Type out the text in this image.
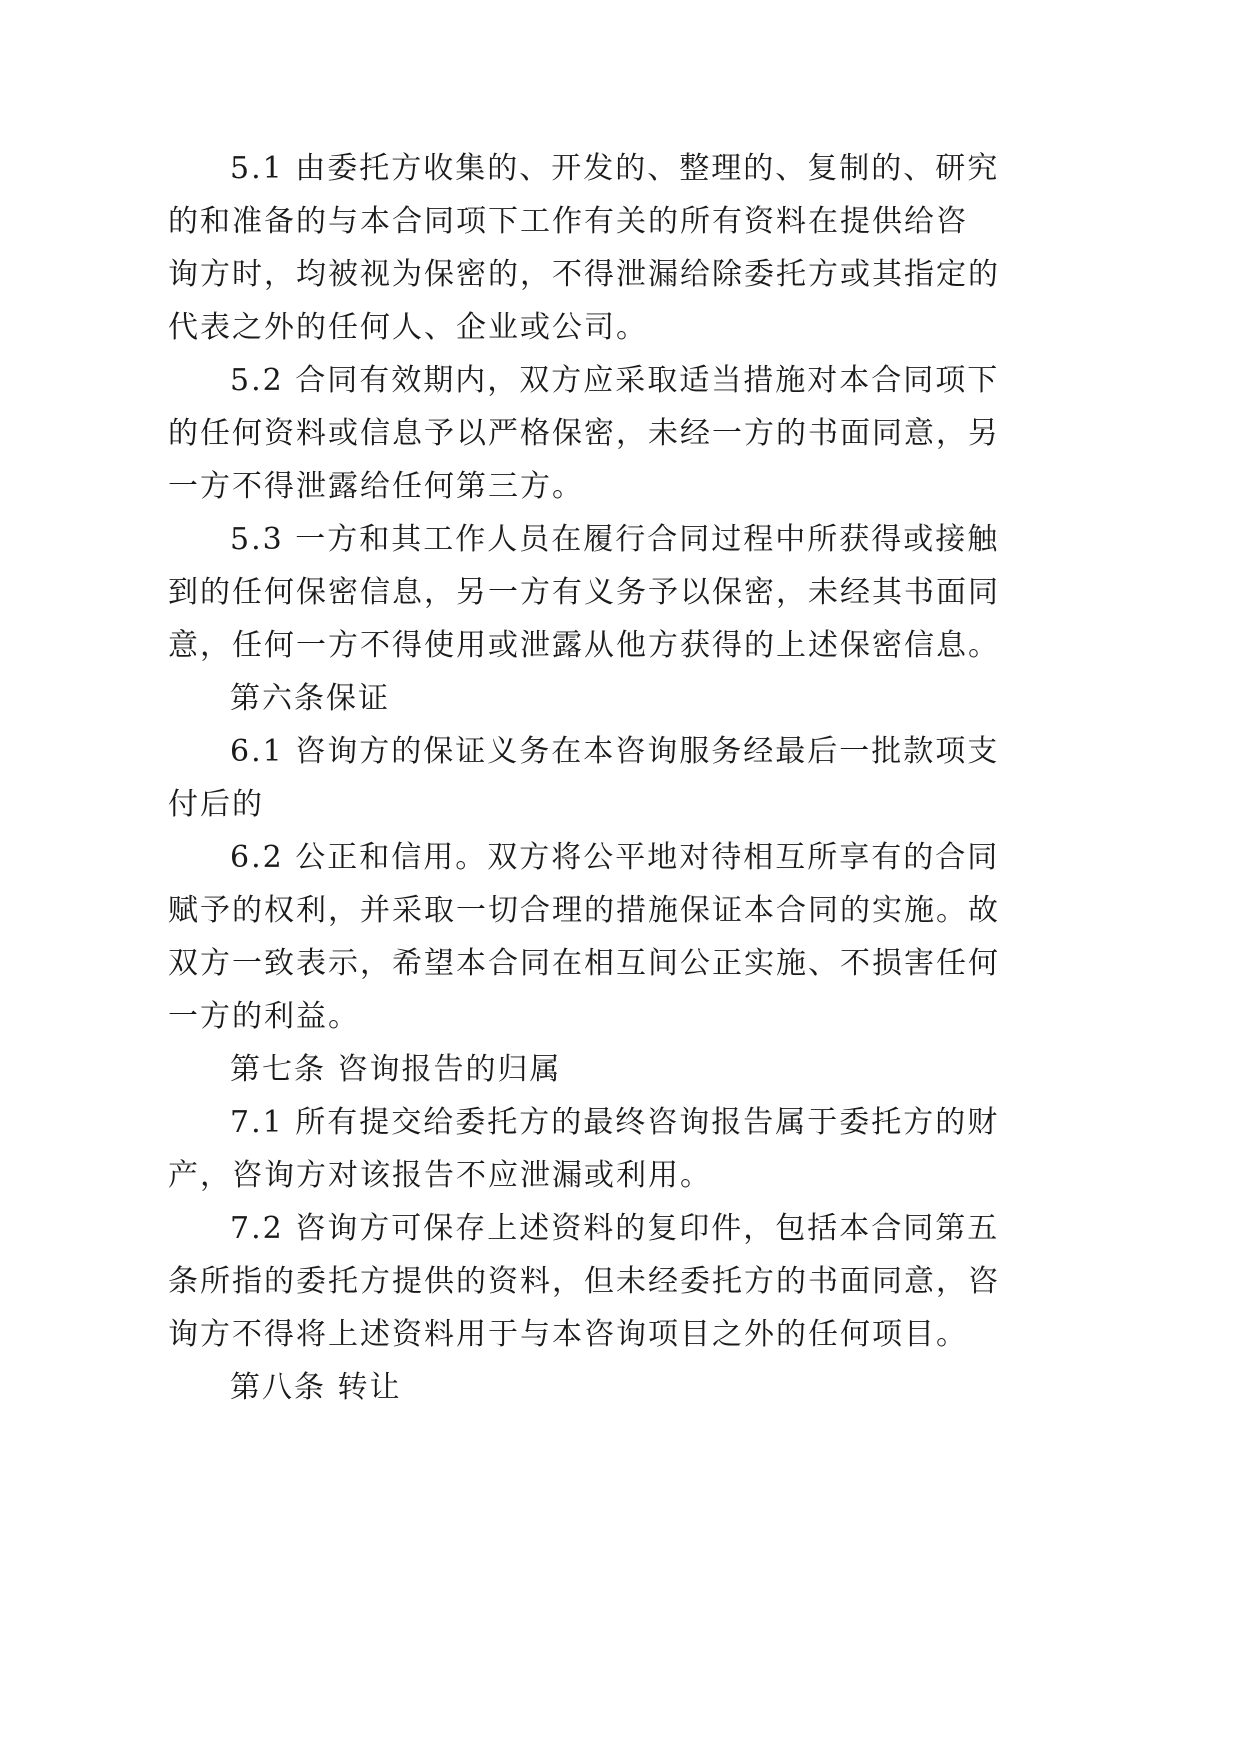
5.1 由委托方收集的、开发的、整理的、复制的、研究
的和准备的与本合同项下工作有关的所有资料在提供给咨
询方时，均被视为保密的，不得泄漏给除委托方或其指定的
代表之外的任何人、企业或公司。
5.2 合同有效期内，双方应采取适当措施对本合同项下
的任何资料或信息予以严格保密，未经一方的书面同意，另
一方不得泄露给任何第三方。
5.3 一方和其工作人员在履行合同过程中所获得或接触
到的任何保密信息，另一方有义务予以保密，未经其书面同
意，任何一方不得使用或泄露从他方获得的上述保密信息。
第六条保证
6.1 咨询方的保证义务在本咨询服务经最后一批款项支
付后的
6.2 公正和信用。双方将公平地对待相互所享有的合同
赋予的权利，并采取一切合理的措施保证本合同的实施。故
双方一致表示，希望本合同在相互间公正实施、不损害任何
一方的利益。
第七条 咨询报告的归属
7.1 所有提交给委托方的最终咨询报告属于委托方的财
产，咨询方对该报告不应泄漏或利用。
7.2 咨询方可保存上述资料的复印件，包括本合同第五
条所指的委托方提供的资料，但未经委托方的书面同意，咨
询方不得将上述资料用于与本咨询项目之外的任何项目。
第八条 转让
